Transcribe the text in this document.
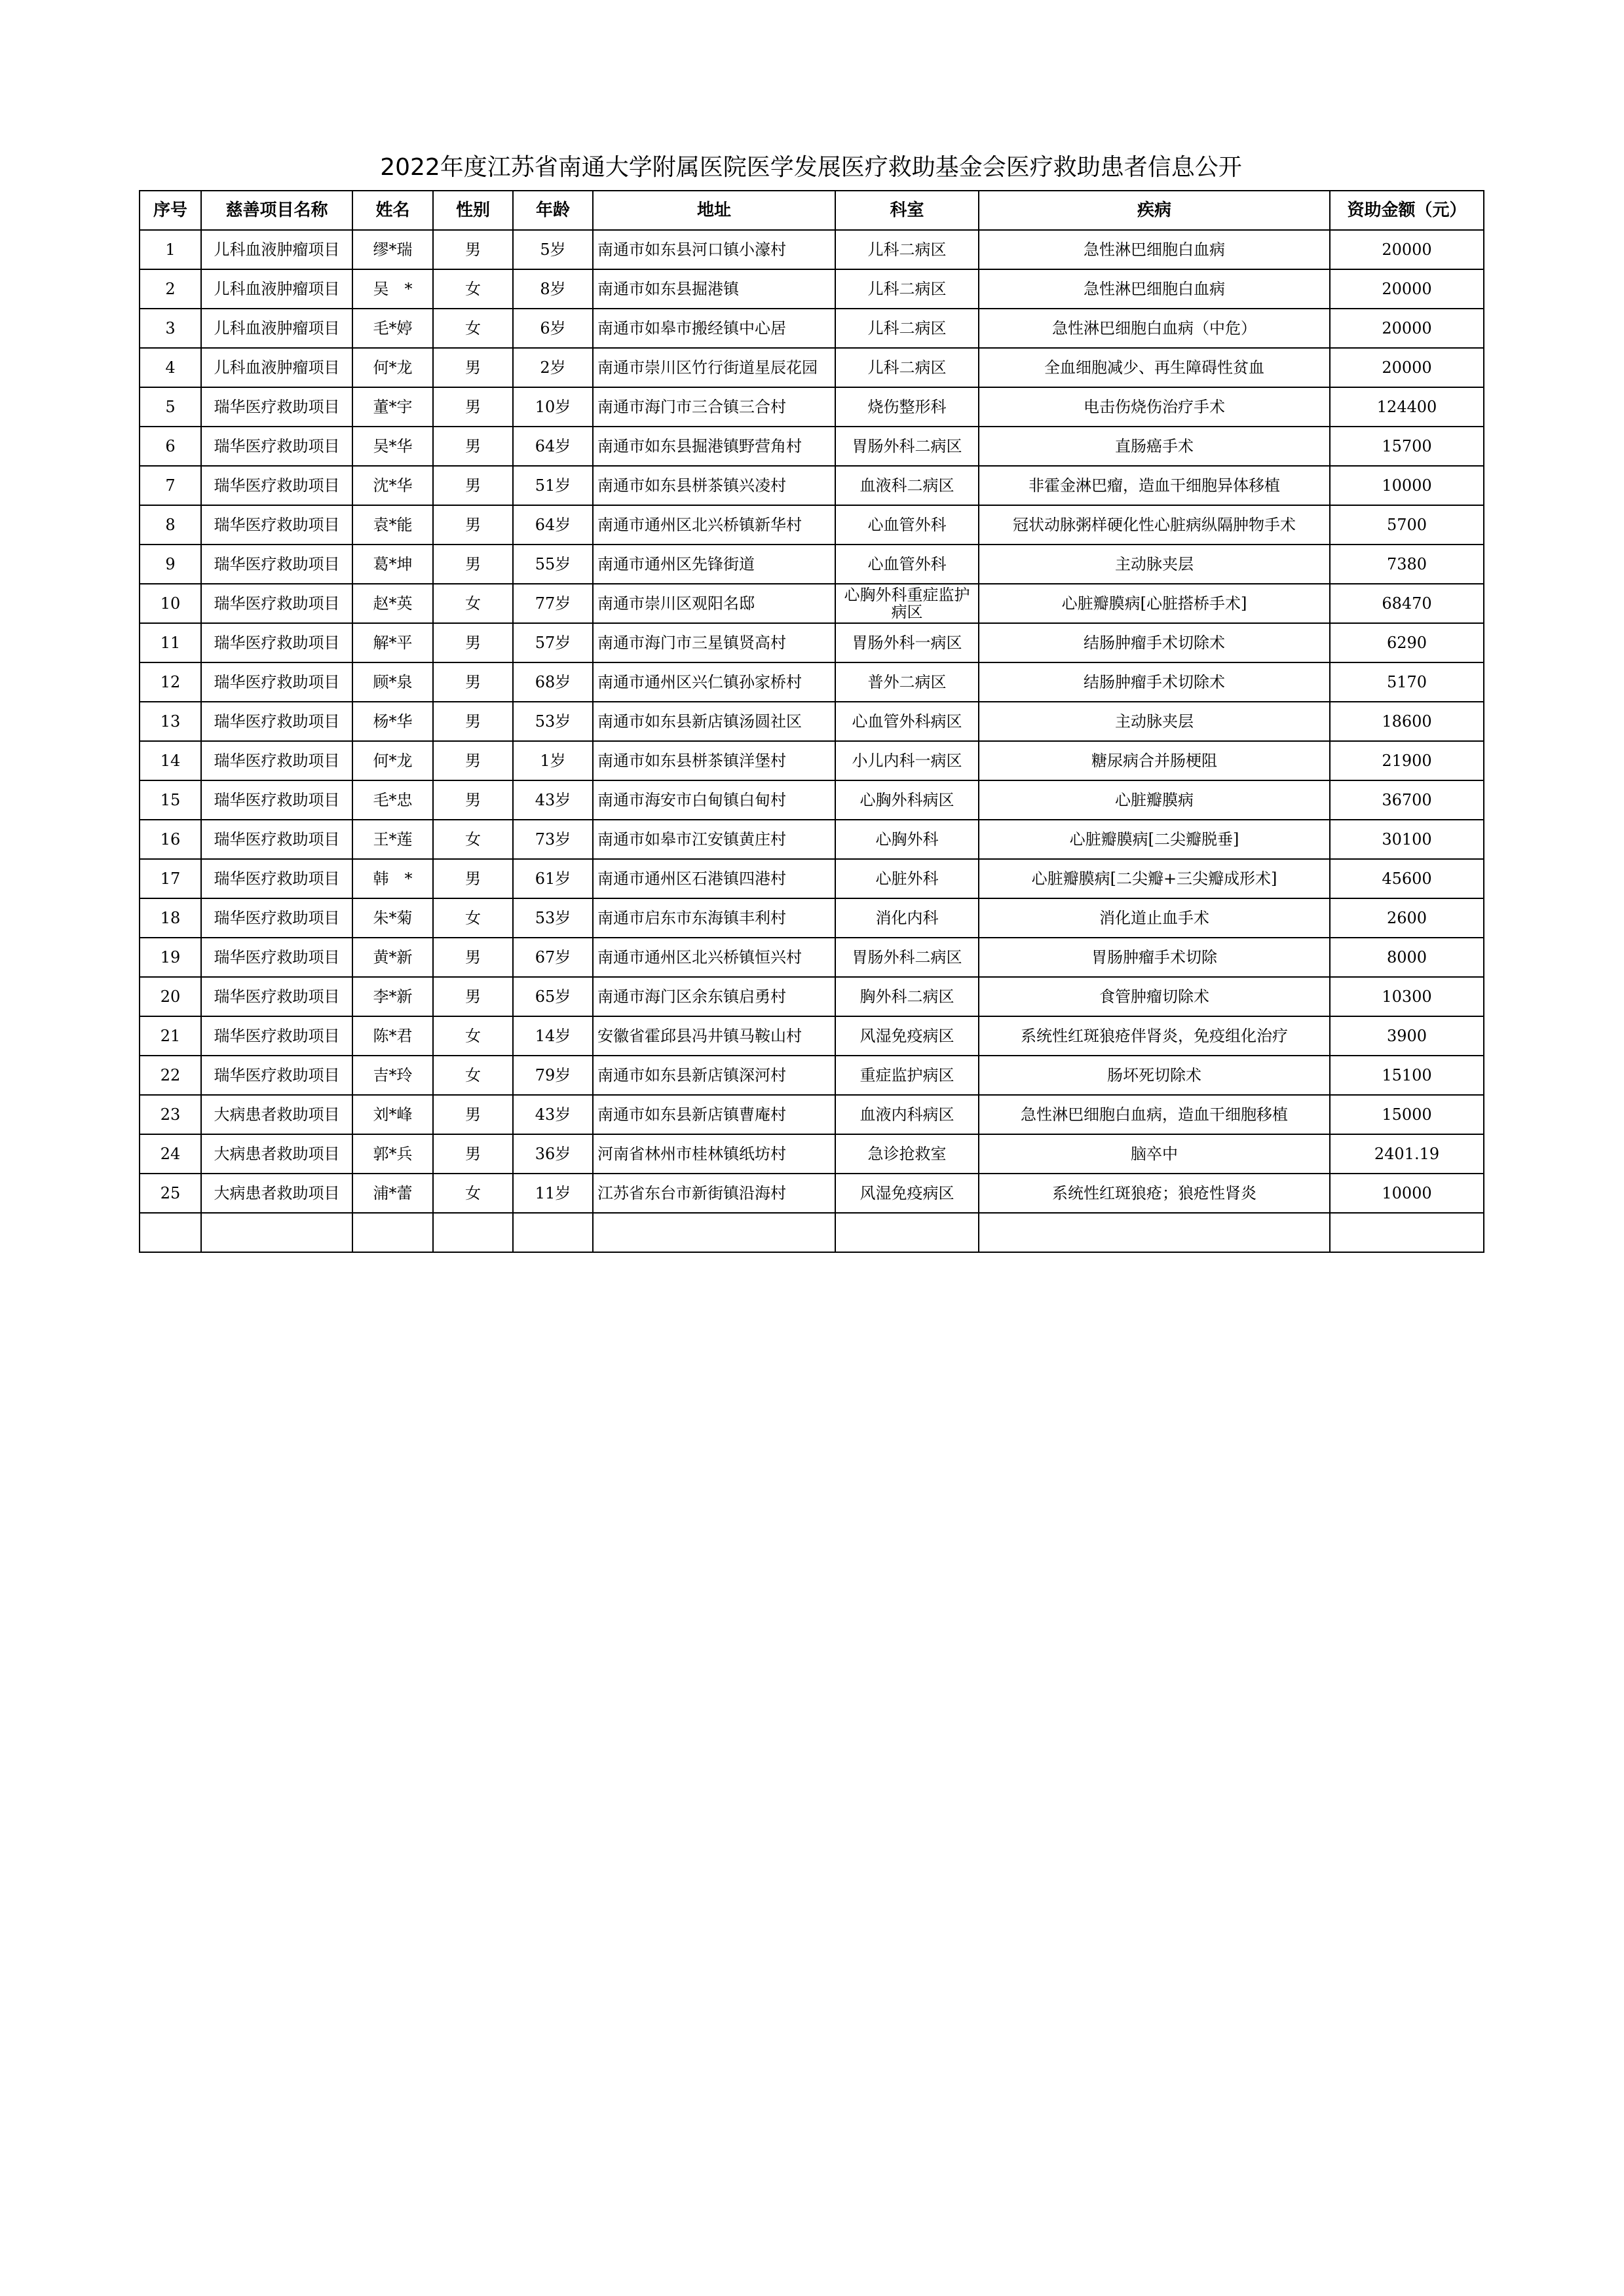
2022年度江苏省南通大学附属医院医学发展医疗救助基金会医疗救助患者信息公开
序号	慈善项目名称	姓名	性别	年龄	地址	科室	疾病	资助金额（元）
1	儿科血液肿瘤项目	缪*瑞	男	5岁	南通市如东县河口镇小濠村	儿科二病区	急性淋巴细胞白血病	20000
2	儿科血液肿瘤项目	吴　*	女	8岁	南通市如东县掘港镇	儿科二病区	急性淋巴细胞白血病	20000
3	儿科血液肿瘤项目	毛*婷	女	6岁	南通市如皋市搬经镇中心居	儿科二病区	急性淋巴细胞白血病（中危）	20000
4	儿科血液肿瘤项目	何*龙	男	2岁	南通市崇川区竹行街道星辰花园	儿科二病区	全血细胞减少、再生障碍性贫血	20000
5	瑞华医疗救助项目	董*宇	男	10岁	南通市海门市三合镇三合村	烧伤整形科	电击伤烧伤治疗手术	124400
6	瑞华医疗救助项目	吴*华	男	64岁	南通市如东县掘港镇野营角村	胃肠外科二病区	直肠癌手术	15700
7	瑞华医疗救助项目	沈*华	男	51岁	南通市如东县栟茶镇兴凌村	血液科二病区	非霍金淋巴瘤，造血干细胞异体移植	10000
8	瑞华医疗救助项目	袁*能	男	64岁	南通市通州区北兴桥镇新华村	心血管外科	冠状动脉粥样硬化性心脏病纵隔肿物手术	5700
9	瑞华医疗救助项目	葛*坤	男	55岁	南通市通州区先锋街道	心血管外科	主动脉夹层	7380
10	瑞华医疗救助项目	赵*英	女	77岁	南通市崇川区观阳名邸	心胸外科重症监护病区	心脏瓣膜病[心脏搭桥手术]	68470
11	瑞华医疗救助项目	解*平	男	57岁	南通市海门市三星镇贤高村	胃肠外科一病区	结肠肿瘤手术切除术	6290
12	瑞华医疗救助项目	顾*泉	男	68岁	南通市通州区兴仁镇孙家桥村	普外二病区	结肠肿瘤手术切除术	5170
13	瑞华医疗救助项目	杨*华	男	53岁	南通市如东县新店镇汤圆社区	心血管外科病区	主动脉夹层	18600
14	瑞华医疗救助项目	何*龙	男	1岁	南通市如东县栟茶镇洋堡村	小儿内科一病区	糖尿病合并肠梗阻	21900
15	瑞华医疗救助项目	毛*忠	男	43岁	南通市海安市白甸镇白甸村	心胸外科病区	心脏瓣膜病	36700
16	瑞华医疗救助项目	王*莲	女	73岁	南通市如皋市江安镇黄庄村	心胸外科	心脏瓣膜病[二尖瓣脱垂]	30100
17	瑞华医疗救助项目	韩　*	男	61岁	南通市通州区石港镇四港村	心脏外科	心脏瓣膜病[二尖瓣+三尖瓣成形术]	45600
18	瑞华医疗救助项目	朱*菊	女	53岁	南通市启东市东海镇丰利村	消化内科	消化道止血手术	2600
19	瑞华医疗救助项目	黄*新	男	67岁	南通市通州区北兴桥镇恒兴村	胃肠外科二病区	胃肠肿瘤手术切除	8000
20	瑞华医疗救助项目	李*新	男	65岁	南通市海门区余东镇启勇村	胸外科二病区	食管肿瘤切除术	10300
21	瑞华医疗救助项目	陈*君	女	14岁	安徽省霍邱县冯井镇马鞍山村	风湿免疫病区	系统性红斑狼疮伴肾炎，免疫组化治疗	3900
22	瑞华医疗救助项目	吉*玲	女	79岁	南通市如东县新店镇深河村	重症监护病区	肠坏死切除术	15100
23	大病患者救助项目	刘*峰	男	43岁	南通市如东县新店镇曹庵村	血液内科病区	急性淋巴细胞白血病，造血干细胞移植	15000
24	大病患者救助项目	郭*兵	男	36岁	河南省林州市桂林镇纸坊村	急诊抢救室	脑卒中	2401.19
25	大病患者救助项目	浦*蕾	女	11岁	江苏省东台市新街镇沿海村	风湿免疫病区	系统性红斑狼疮；狼疮性肾炎	10000
